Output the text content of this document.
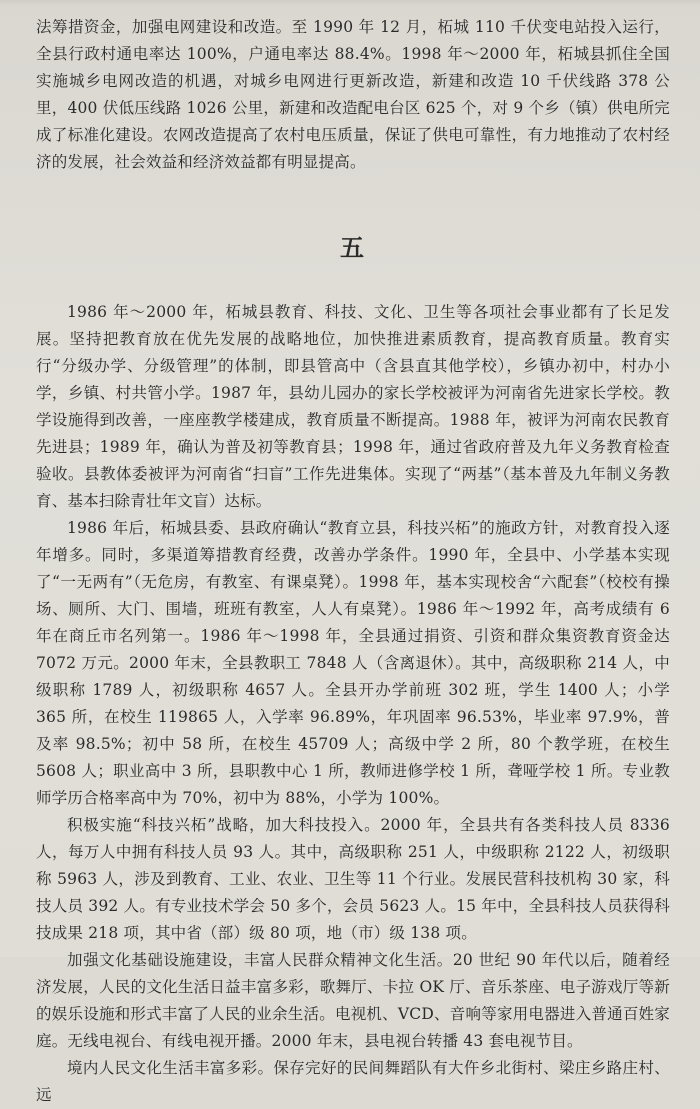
法筹措资金，加强电网建设和改造。至 1990 年 12 月，柘城 110 千伏变电站投入运行，全县行政村通电率达 100%，户通电率达 88.4%。1998 年～2000 年，柘城县抓住全国实施城乡电网改造的机遇，对城乡电网进行更新改造，新建和改造 10 千伏线路 378 公里，400 伏低压线路 1026 公里，新建和改造配电台区 625 个，对 9 个乡（镇）供电所完成了标准化建设。农网改造提高了农村电压质量，保证了供电可靠性，有力地推动了农村经济的发展，社会效益和经济效益都有明显提高。

五

1986 年～2000 年，柘城县教育、科技、文化、卫生等各项社会事业都有了长足发展。坚持把教育放在优先发展的战略地位，加快推进素质教育，提高教育质量。教育实行“分级办学、分级管理”的体制，即县管高中（含县直其他学校），乡镇办初中，村办小学，乡镇、村共管小学。1987 年，县幼儿园办的家长学校被评为河南省先进家长学校。教学设施得到改善，一座座教学楼建成，教育质量不断提高。1988 年，被评为河南农民教育先进县；1989 年，确认为普及初等教育县；1998 年，通过省政府普及九年义务教育检查验收。县教体委被评为河南省“扫盲”工作先进集体。实现了“两基”（基本普及九年制义务教育、基本扫除青壮年文盲）达标。

1986 年后，柘城县委、县政府确认“教育立县，科技兴柘”的施政方针，对教育投入逐年增多。同时，多渠道筹措教育经费，改善办学条件。1990 年，全县中、小学基本实现了“一无两有”（无危房，有教室、有课桌凳）。1998 年，基本实现校舍“六配套”（校校有操场、厕所、大门、围墙，班班有教室，人人有桌凳）。1986 年～1992 年，高考成绩有 6 年在商丘市名列第一。1986 年～1998 年，全县通过捐资、引资和群众集资教育资金达 7072 万元。2000 年末，全县教职工 7848 人（含离退休）。其中，高级职称 214 人，中级职称 1789 人，初级职称 4657 人。全县开办学前班 302 班，学生 1400 人；小学 365 所，在校生 119865 人，入学率 96.89%，年巩固率 96.53%，毕业率 97.9%，普及率 98.5%；初中 58 所，在校生 45709 人；高级中学 2 所，80 个教学班，在校生 5608 人；职业高中 3 所，县职教中心 1 所，教师进修学校 1 所，聋哑学校 1 所。专业教师学历合格率高中为 70%，初中为 88%，小学为 100%。

积极实施“科技兴柘”战略，加大科技投入。2000 年，全县共有各类科技人员 8336 人，每万人中拥有科技人员 93 人。其中，高级职称 251 人，中级职称 2122 人，初级职称 5963 人，涉及到教育、工业、农业、卫生等 11 个行业。发展民营科技机构 30 家，科技人员 392 人。有专业技术学会 50 多个，会员 5623 人。15 年中，全县科技人员获得科技成果 218 项，其中省（部）级 80 项，地（市）级 138 项。

加强文化基础设施建设，丰富人民群众精神文化生活。20 世纪 90 年代以后，随着经济发展，人民的文化生活日益丰富多彩，歌舞厅、卡拉 OK 厅、音乐茶座、电子游戏厅等新的娱乐设施和形式丰富了人民的业余生活。电视机、VCD、音响等家用电器进入普通百姓家庭。无线电视台、有线电视开播。2000 年末，县电视台转播 43 套电视节目。

境内人民文化生活丰富多彩。保存完好的民间舞蹈队有大仵乡北街村、梁庄乡路庄村、远
